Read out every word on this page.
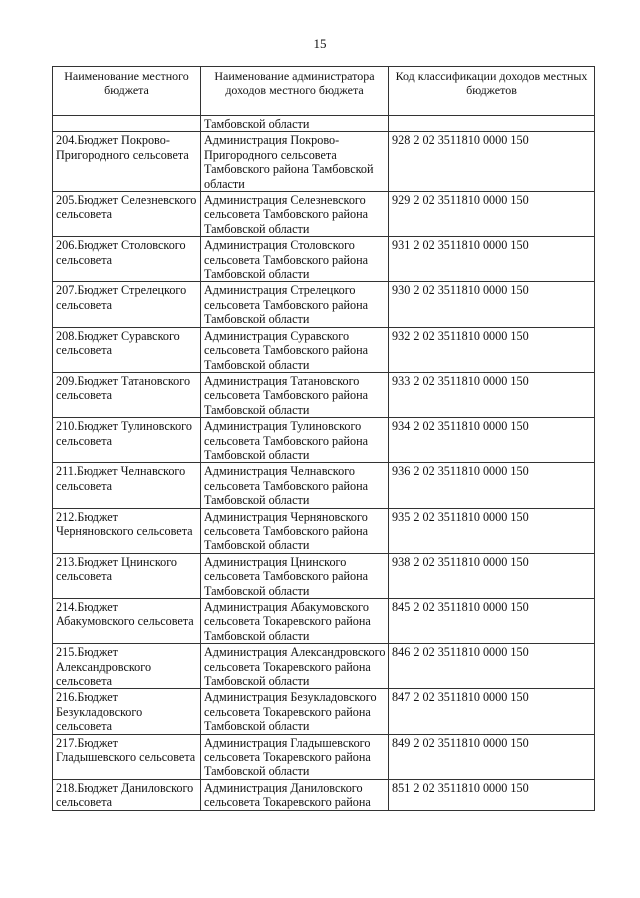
15
Наименование местного бюджета	Наименование администратора доходов местного бюджета	Код классификации доходов местных бюджетов
	Тамбовской области	
204.Бюджет Покрово-Пригородного сельсовета	Администрация Покрово-Пригородного сельсовета Тамбовского района Тамбовской области	928 2 02 3511810 0000 150
205.Бюджет Селезневского сельсовета	Администрация Селезневского сельсовета Тамбовского района Тамбовской области	929 2 02 3511810 0000 150
206.Бюджет Столовского сельсовета	Администрация Столовского сельсовета Тамбовского района Тамбовской области	931 2 02 3511810 0000 150
207.Бюджет Стрелецкого сельсовета	Администрация Стрелецкого сельсовета Тамбовского района Тамбовской области	930 2 02 3511810 0000 150
208.Бюджет Суравского сельсовета	Администрация Суравского сельсовета Тамбовского района Тамбовской области	932 2 02 3511810 0000 150
209.Бюджет Татановского сельсовета	Администрация Татановского сельсовета Тамбовского района Тамбовской области	933 2 02 3511810 0000 150
210.Бюджет Тулиновского сельсовета	Администрация Тулиновского сельсовета Тамбовского района Тамбовской области	934 2 02 3511810 0000 150
211.Бюджет Челнавского сельсовета	Администрация Челнавского сельсовета Тамбовского района Тамбовской области	936 2 02 3511810 0000 150
212.Бюджет Черняновского сельсовета	Администрация Черняновского сельсовета Тамбовского района Тамбовской области	935 2 02 3511810 0000 150
213.Бюджет Цнинского сельсовета	Администрация Цнинского сельсовета Тамбовского района Тамбовской области	938 2 02 3511810 0000 150
214.Бюджет Абакумовского сельсовета	Администрация Абакумовского сельсовета Токаревского района Тамбовской области	845 2 02 3511810 0000 150
215.Бюджет Александровского сельсовета	Администрация Александровского сельсовета Токаревского района Тамбовской области	846 2 02 3511810 0000 150
216.Бюджет Безукладовского сельсовета	Администрация Безукладовского сельсовета Токаревского района Тамбовской области	847 2 02 3511810 0000 150
217.Бюджет Гладышевского сельсовета	Администрация Гладышевского сельсовета Токаревского района Тамбовской области	849 2 02 3511810 0000 150
218.Бюджет Даниловского сельсовета	Администрация Даниловского сельсовета Токаревского района	851 2 02 3511810 0000 150
